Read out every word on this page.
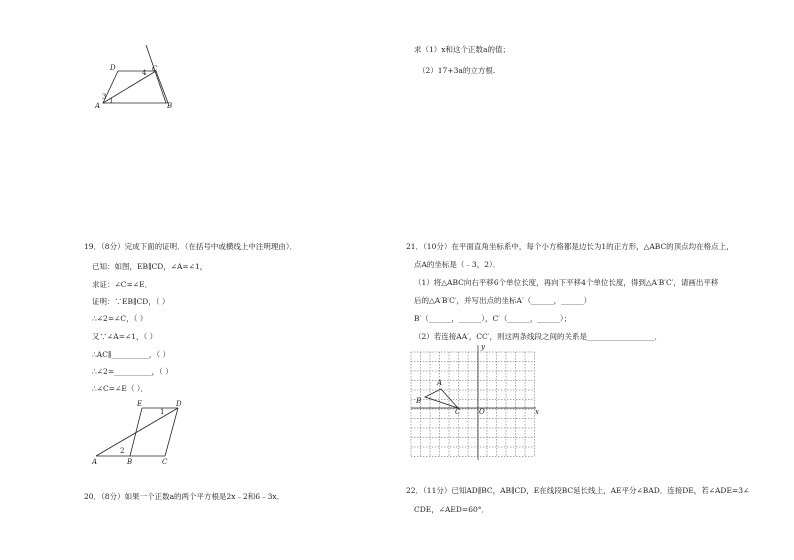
D	C
A	B
4
3 1
求（1）x和这个正数a的值；
（2）17+3a的立方根.
19．（8分）完成下面的证明．（在括号中或横线上中注明理由）．
已知：如图，EB∥CD，∠A=∠1，
求证：∠C=∠E．
证明：∵EB∥CD，（ ）
∴∠2=∠C，（ ）
又∵∠A=∠1，（ ）
∴AC∥__________，（ ）
∴∠2=__________，（ ）
∴∠C=∠E（ ）．
E	D
A	B	C
1
2
20．（8分）如果一个正数a的两个平方根是2x﹣2和6﹣3x．
21．（10分）在平面直角坐标系中，每个小方格都是边长为1的正方形，△ABC的顶点均在格点上，
点A的坐标是（﹣3，2）．
（1）将△ABC向右平移6个单位长度，再向下平移4个单位长度，得到△A′B′C′，请画出平移
后的△A′B′C′，并写出点的坐标A′（______，______）
B′（______，______），C′（______，______）；
（2）若连接AA′，CC′，则这两条线段之间的关系是__________________．
y
x
A
B
C	O
22．（11分）已知AD∥BC，AB∥CD，E在线段BC延长线上，AE平分∠BAD．连接DE，若∠ADE=3∠
CDE，∠AED=60°．
